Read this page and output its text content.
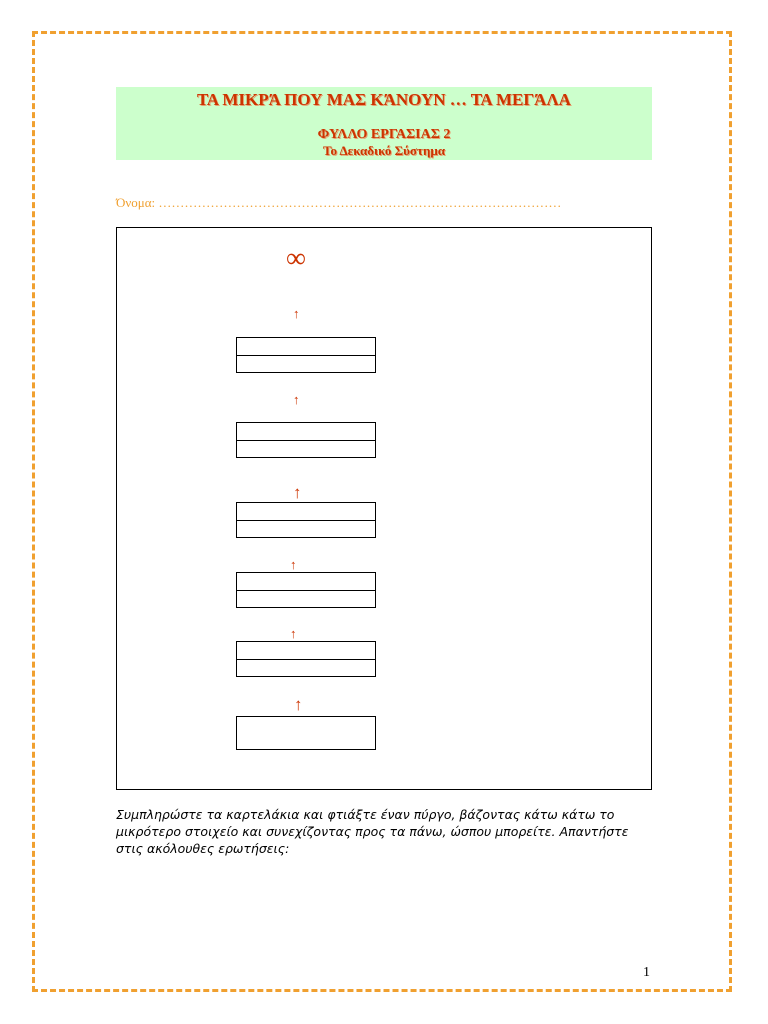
ΤΑ ΜΙΚΡΆ ΠΟΥ ΜΑΣ ΚΆΝΟΥΝ … ΤΑ ΜΕΓΆΛΑ
ΦΥΛΛΟ ΕΡΓΑΣΙΑΣ 2
Το Δεκαδικό Σύστημα
Όνομα: …………………………………………………………………………………
∞
↑
↑
↑
↑
↑
↑
Συμπληρώστε τα καρτελάκια και φτιάξτε έναν πύργο, βάζοντας κάτω κάτω το μικρότερο στοιχείο και συνεχίζοντας προς τα πάνω, ώσπου μπορείτε. Απαντήστε στις ακόλουθες ερωτήσεις:
1
